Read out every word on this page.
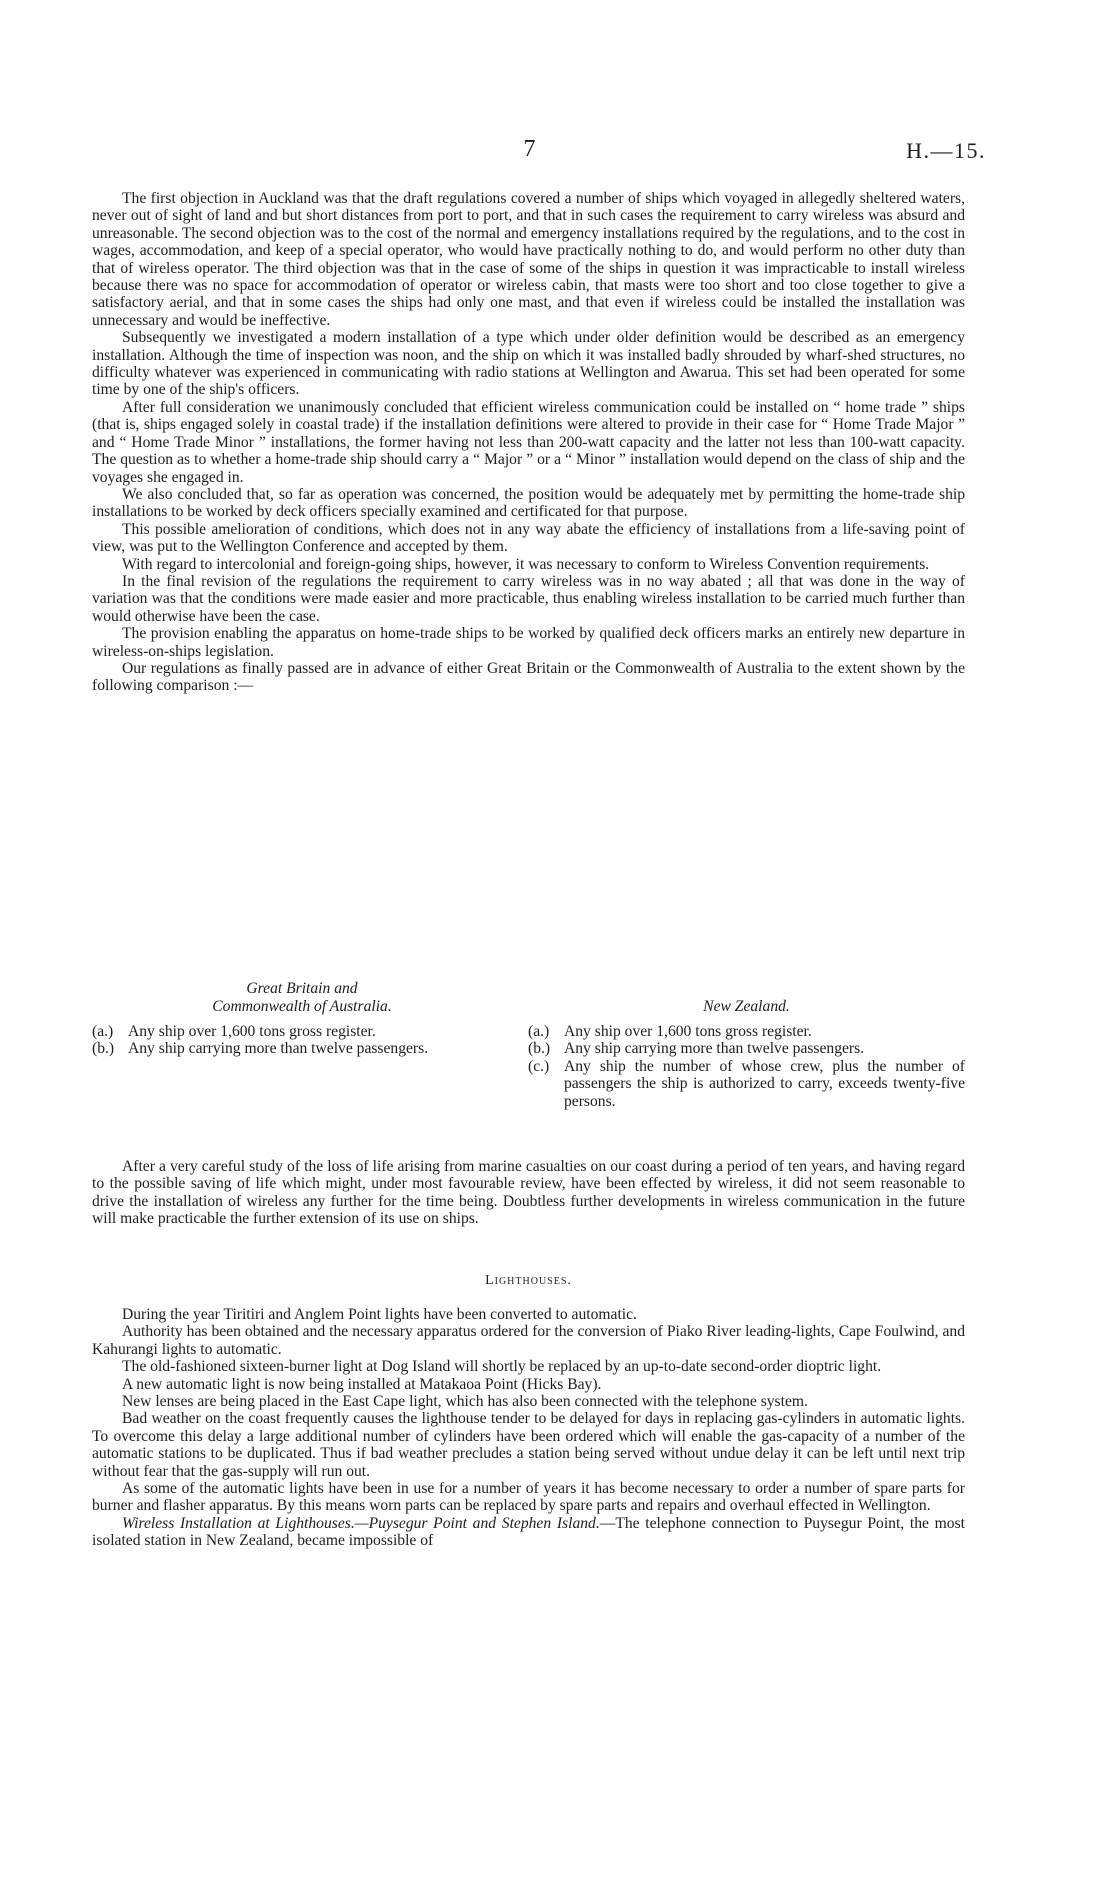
7	H.—15.

The first objection in Auckland was that the draft regulations covered a number of ships which voyaged in allegedly sheltered waters, never out of sight of land and but short distances from port to port, and that in such cases the requirement to carry wireless was absurd and unreasonable. The second objection was to the cost of the normal and emergency installations required by the regulations, and to the cost in wages, accommodation, and keep of a special operator, who would have practically nothing to do, and would perform no other duty than that of wireless operator. The third objection was that in the case of some of the ships in question it was impracticable to install wireless because there was no space for accommodation of operator or wireless cabin, that masts were too short and too close together to give a satisfactory aerial, and that in some cases the ships had only one mast, and that even if wireless could be installed the installation was unnecessary and would be ineffective.

Subsequently we investigated a modern installation of a type which under older definition would be described as an emergency installation. Although the time of inspection was noon, and the ship on which it was installed badly shrouded by wharf-shed structures, no difficulty whatever was experienced in communicating with radio stations at Wellington and Awarua. This set had been operated for some time by one of the ship's officers.

After full consideration we unanimously concluded that efficient wireless communication could be installed on “ home trade ” ships (that is, ships engaged solely in coastal trade) if the installation definitions were altered to provide in their case for “ Home Trade Major ” and “ Home Trade Minor ” installations, the former having not less than 200-watt capacity and the latter not less than 100-watt capacity. The question as to whether a home-trade ship should carry a “ Major ” or a “ Minor ” installation would depend on the class of ship and the voyages she engaged in.

We also concluded that, so far as operation was concerned, the position would be adequately met by permitting the home-trade ship installations to be worked by deck officers specially examined and certificated for that purpose.

This possible amelioration of conditions, which does not in any way abate the efficiency of installations from a life-saving point of view, was put to the Wellington Conference and accepted by them.

With regard to intercolonial and foreign-going ships, however, it was necessary to conform to Wireless Convention requirements.

In the final revision of the regulations the requirement to carry wireless was in no way abated ; all that was done in the way of variation was that the conditions were made easier and more practicable, thus enabling wireless installation to be carried much further than would otherwise have been the case.

The provision enabling the apparatus on home-trade ships to be worked by qualified deck officers marks an entirely new departure in wireless-on-ships legislation.

Our regulations as finally passed are in advance of either Great Britain or the Commonwealth of Australia to the extent shown by the following comparison :—

Great Britain and
Commonwealth of Australia.
(a.) Any ship over 1,600 tons gross register.
(b.) Any ship carrying more than twelve passengers.
New Zealand.
(a.) Any ship over 1,600 tons gross register.
(b.) Any ship carrying more than twelve passengers.
(c.) Any ship the number of whose crew, plus the number of passengers the ship is authorized to carry, exceeds twenty-five persons.

After a very careful study of the loss of life arising from marine casualties on our coast during a period of ten years, and having regard to the possible saving of life which might, under most favourable review, have been effected by wireless, it did not seem reasonable to drive the installation of wireless any further for the time being. Doubtless further developments in wireless communication in the future will make practicable the further extension of its use on ships.

Lighthouses.

During the year Tiritiri and Anglem Point lights have been converted to automatic.

Authority has been obtained and the necessary apparatus ordered for the conversion of Piako River leading-lights, Cape Foulwind, and Kahurangi lights to automatic.

The old-fashioned sixteen-burner light at Dog Island will shortly be replaced by an up-to-date second-order dioptric light.

A new automatic light is now being installed at Matakaoa Point (Hicks Bay).

New lenses are being placed in the East Cape light, which has also been connected with the telephone system.

Bad weather on the coast frequently causes the lighthouse tender to be delayed for days in replacing gas-cylinders in automatic lights. To overcome this delay a large additional number of cylinders have been ordered which will enable the gas-capacity of a number of the automatic stations to be duplicated. Thus if bad weather precludes a station being served without undue delay it can be left until next trip without fear that the gas-supply will run out.

As some of the automatic lights have been in use for a number of years it has become necessary to order a number of spare parts for burner and flasher apparatus. By this means worn parts can be replaced by spare parts and repairs and overhaul effected in Wellington.

Wireless Installation at Lighthouses.—Puysegur Point and Stephen Island.—The telephone connection to Puysegur Point, the most isolated station in New Zealand, became impossible of
